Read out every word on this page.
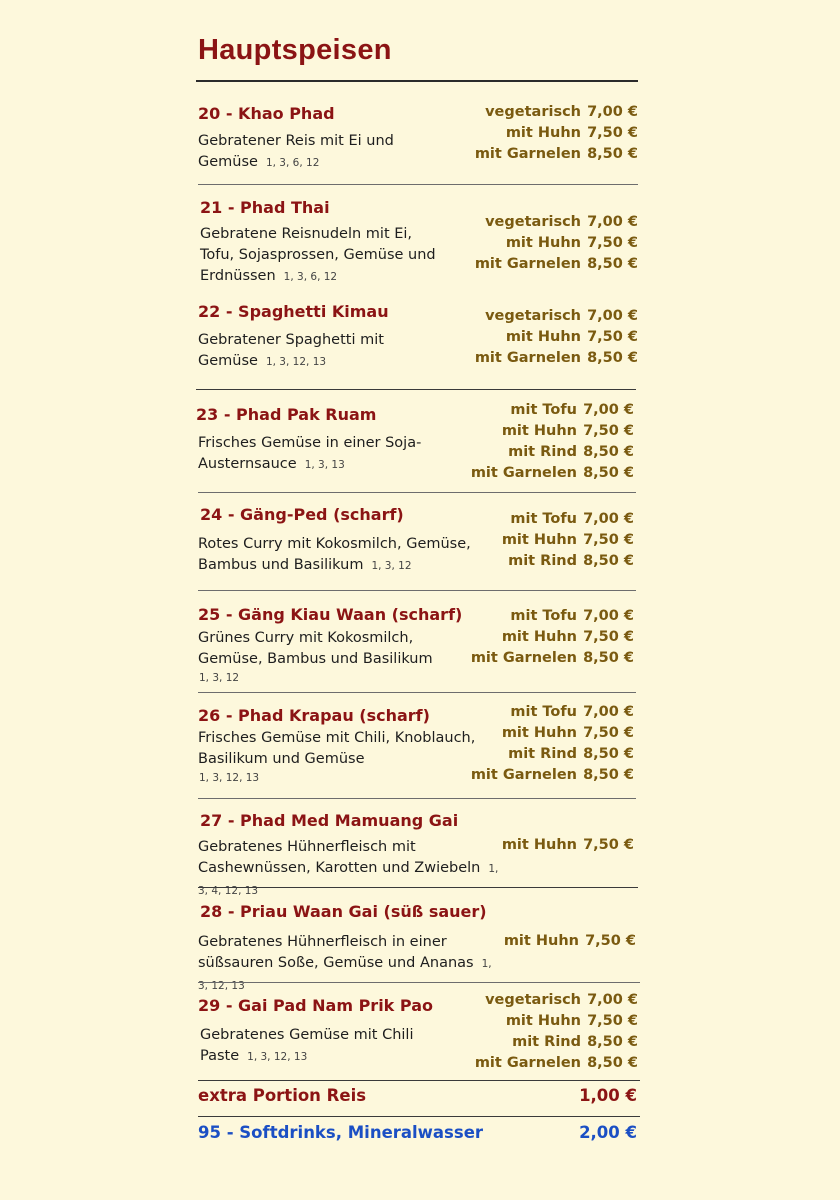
Hauptspeisen
20 - Khao Phad
Gebratener Reis mit Ei und Gemüse 1, 3, 6, 12
vegetarisch 7,00 €
mit Huhn 7,50 €
mit Garnelen 8,50 €
21 - Phad Thai
Gebratene Reisnudeln mit Ei, Tofu, Sojasprossen, Gemüse und Erdnüssen 1, 3, 6, 12
vegetarisch 7,00 €
mit Huhn 7,50 €
mit Garnelen 8,50 €
22 - Spaghetti Kimau
Gebratener Spaghetti mit Gemüse 1, 3, 12, 13
vegetarisch 7,00 €
mit Huhn 7,50 €
mit Garnelen 8,50 €
23 - Phad Pak Ruam
Frisches Gemüse in einer Soja-Austernsauce 1, 3, 13
mit Tofu 7,00 €
mit Huhn 7,50 €
mit Rind 8,50 €
mit Garnelen 8,50 €
24 - Gäng-Ped (scharf)
Rotes Curry mit Kokosmilch, Gemüse, Bambus und Basilikum 1, 3, 12
mit Tofu 7,00 €
mit Huhn 7,50 €
mit Rind 8,50 €
25 - Gäng Kiau Waan (scharf)
Grünes Curry mit Kokosmilch, Gemüse, Bambus und Basilikum
1, 3, 12
mit Tofu 7,00 €
mit Huhn 7,50 €
mit Garnelen 8,50 €
26 - Phad Krapau (scharf)
Frisches Gemüse mit Chili, Knoblauch, Basilikum und Gemüse
1, 3, 12, 13
mit Tofu 7,00 €
mit Huhn 7,50 €
mit Rind 8,50 €
mit Garnelen 8,50 €
27 - Phad Med Mamuang Gai
Gebratenes Hühnerfleisch mit Cashewnüssen, Karotten und Zwiebeln 1, 3, 4, 12, 13
mit Huhn 7,50 €
28 - Priau Waan Gai (süß sauer)
Gebratenes Hühnerfleisch in einer süßsauren Soße, Gemüse und Ananas 1, 3, 12, 13
mit Huhn 7,50 €
29 - Gai Pad Nam Prik Pao
Gebratenes Gemüse mit Chili Paste 1, 3, 12, 13
vegetarisch 7,00 €
mit Huhn 7,50 €
mit Rind 8,50 €
mit Garnelen 8,50 €
extra Portion Reis	1,00 €
95 - Softdrinks, Mineralwasser	2,00 €
